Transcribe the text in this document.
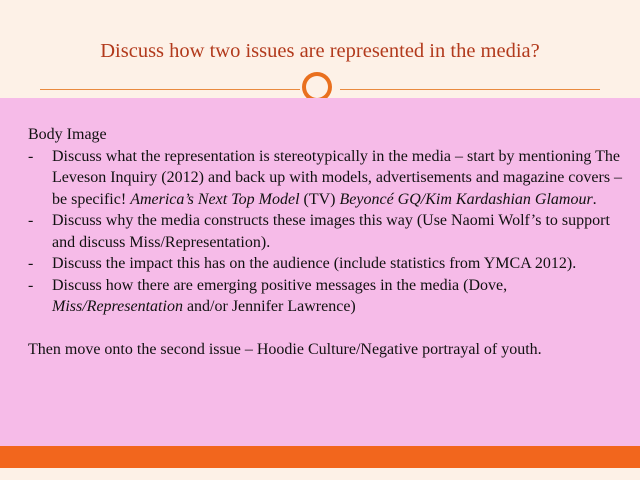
Discuss how two issues are represented in the media?

Body Image

- Discuss what the representation is stereotypically in the media – start by mentioning The Leveson Inquiry (2012) and back up with models, advertisements and magazine covers – be specific! America’s Next Top Model (TV) Beyoncé GQ/Kim Kardashian Glamour.
- Discuss why the media constructs these images this way (Use Naomi Wolf’s to support and discuss Miss/Representation).
- Discuss the impact this has on the audience (include statistics from YMCA 2012).
- Discuss how there are emerging positive messages in the media (Dove, Miss/Representation and/or Jennifer Lawrence)

Then move onto the second issue – Hoodie Culture/Negative portrayal of youth.
